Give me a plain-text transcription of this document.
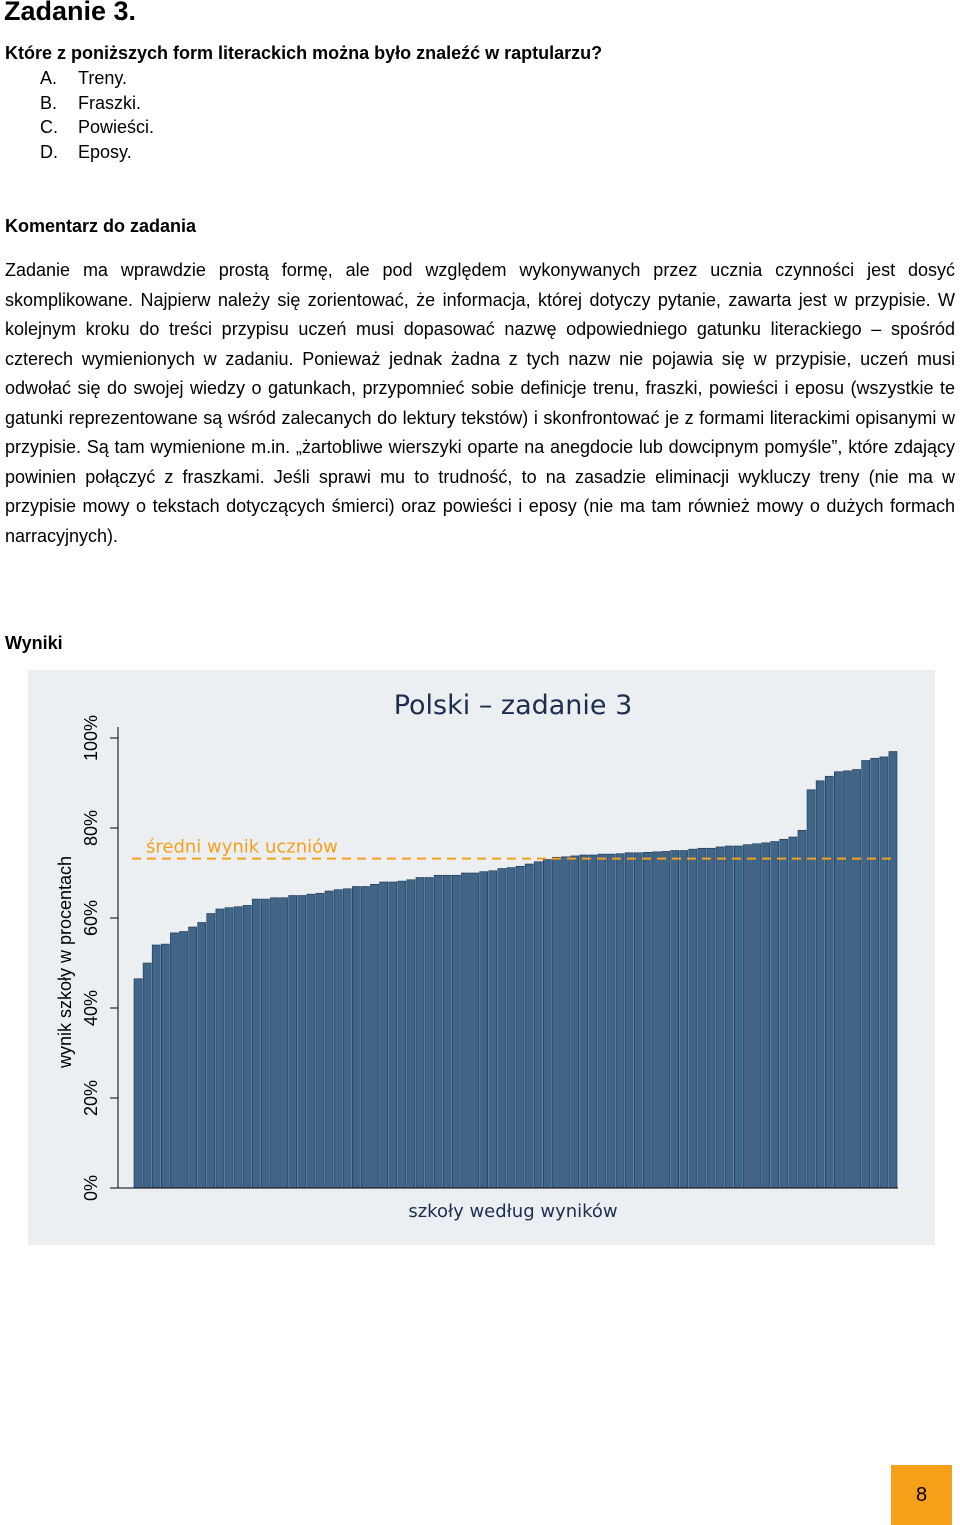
Zadanie 3.
Które z poniższych form literackich można było znaleźć w raptularzu?
A. Treny.
B. Fraszki.
C. Powieści.
D. Eposy.
Komentarz do zadania

Zadanie ma wprawdzie prostą formę, ale pod względem wykonywanych przez ucznia czynności jest dosyć skomplikowane. Najpierw należy się zorientować, że informacja, której dotyczy pytanie, zawarta jest w przypisie. W kolejnym kroku do treści przypisu uczeń musi dopasować nazwę odpowiedniego gatunku literackiego – spośród czterech wymienionych w zadaniu. Ponieważ jednak żadna z tych nazw nie pojawia się w przypisie, uczeń musi odwołać się do swojej wiedzy o gatunkach, przypomnieć sobie definicje trenu, fraszki, powieści i eposu (wszystkie te gatunki reprezentowane są wśród zalecanych do lektury tekstów) i skonfrontować je z formami literackimi opisanymi w przypisie. Są tam wymienione m.in. „żartobliwe wierszyki oparte na anegdocie lub dowcipnym pomyśle”, które zdający powinien połączyć z fraszkami. Jeśli sprawi mu to trudność, to na zasadzie eliminacji wykluczy treny (nie ma w przypisie mowy o tekstach dotyczących śmierci) oraz powieści i eposy (nie ma tam również mowy o dużych formach narracyjnych).

Wyniki
średni wynik uczniów
0%
20%
40%
60%
80%
100%
Polski – zadanie 3
szkoły według wyników
wynik szkoły w procentach
8
